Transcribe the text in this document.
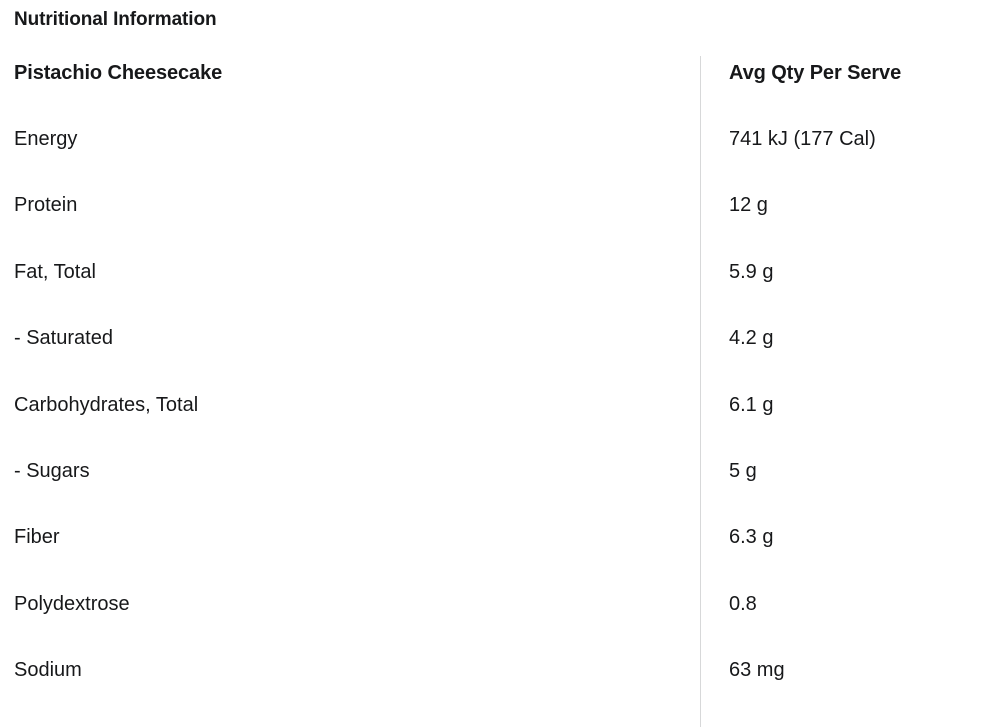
Nutritional Information
Pistachio Cheesecake	Avg Qty Per Serve
Energy	741 kJ (177 Cal)
Protein	12 g
Fat, Total	5.9 g
- Saturated	4.2 g
Carbohydrates, Total	6.1 g
- Sugars	5 g
Fiber	6.3 g
Polydextrose	0.8
Sodium	63 mg
